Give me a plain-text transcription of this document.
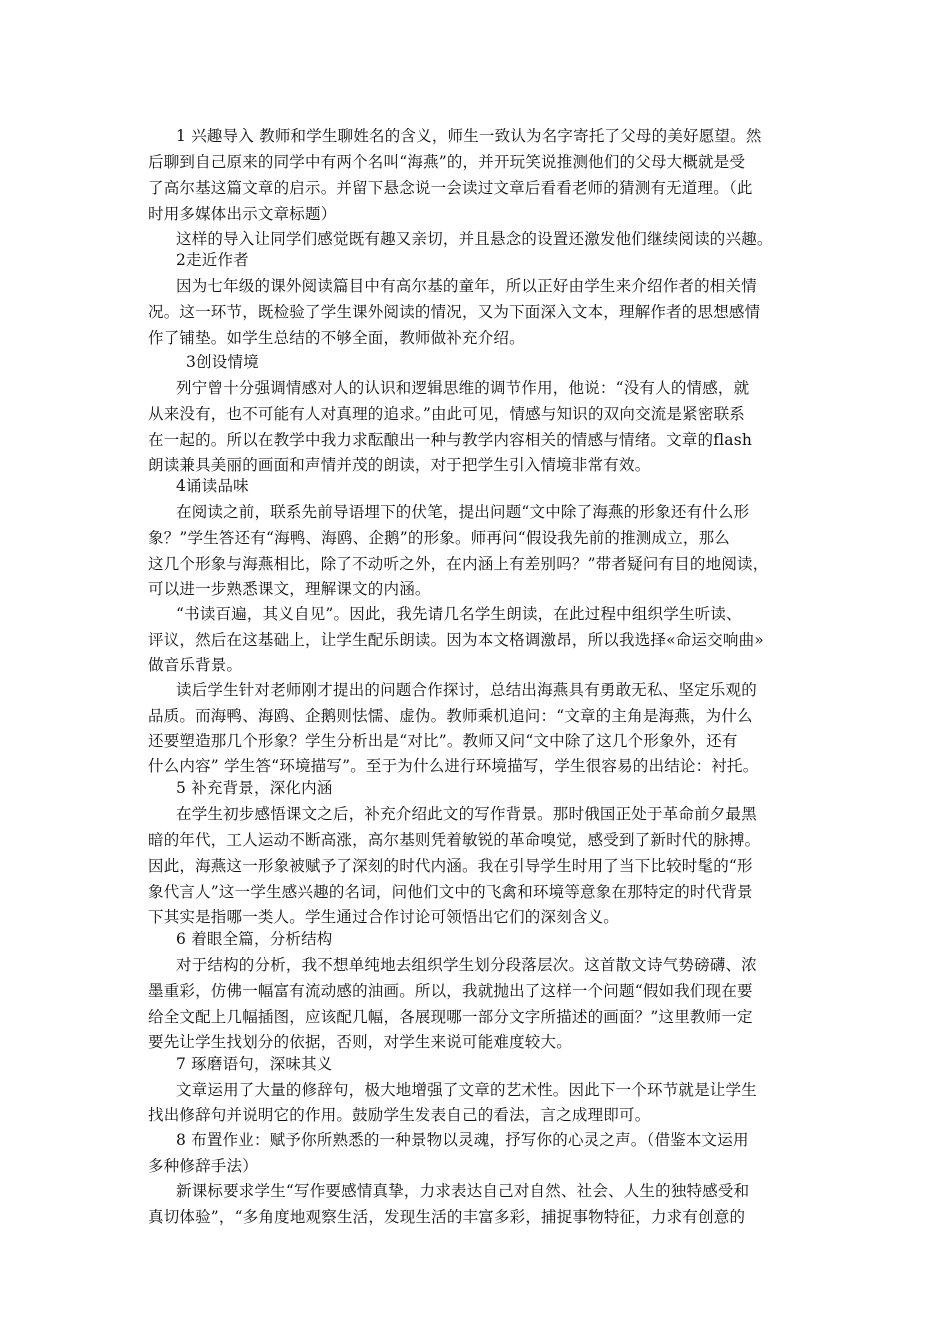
1 兴趣导入 教师和学生聊姓名的含义，师生一致认为名字寄托了父母的美好愿望。然
后聊到自己原来的同学中有两个名叫“海燕”的，并开玩笑说推测他们的父母大概就是受
了高尔基这篇文章的启示。并留下悬念说一会读过文章后看看老师的猜测有无道理。（此
时用多媒体出示文章标题）
这样的导入让同学们感觉既有趣又亲切，并且悬念的设置还激发他们继续阅读的兴趣。
2走近作者
因为七年级的课外阅读篇目中有高尔基的童年，所以正好由学生来介绍作者的相关情
况。这一环节，既检验了学生课外阅读的情况，又为下面深入文本，理解作者的思想感情
作了铺垫。如学生总结的不够全面，教师做补充介绍。
3创设情境
列宁曾十分强调情感对人的认识和逻辑思维的调节作用，他说：“没有人的情感，就
从来没有，也不可能有人对真理的追求。”由此可见，情感与知识的双向交流是紧密联系
在一起的。所以在教学中我力求酝酿出一种与教学内容相关的情感与情绪。文章的flash
朗读兼具美丽的画面和声情并茂的朗读，对于把学生引入情境非常有效。
4诵读品味
在阅读之前，联系先前导语埋下的伏笔，提出问题“文中除了海燕的形象还有什么形
象？”学生答还有“海鸭、海鸥、企鹅”的形象。师再问“假设我先前的推测成立，那么
这几个形象与海燕相比，除了不动听之外，在内涵上有差别吗？”带者疑问有目的地阅读，
可以进一步熟悉课文，理解课文的内涵。
“书读百遍，其义自见”。因此，我先请几名学生朗读，在此过程中组织学生听读、
评议，然后在这基础上，让学生配乐朗读。因为本文格调激昂，所以我选择«命运交响曲»
做音乐背景。
读后学生针对老师刚才提出的问题合作探讨，总结出海燕具有勇敢无私、坚定乐观的
品质。而海鸭、海鸥、企鹅则怯懦、虚伪。教师乘机追问：“文章的主角是海燕，为什么
还要塑造那几个形象？学生分析出是“对比”。教师又问“文中除了这几个形象外，还有
什么内容” 学生答“环境描写”。至于为什么进行环境描写，学生很容易的出结论：衬托。
5 补充背景，深化内涵
在学生初步感悟课文之后，补充介绍此文的写作背景。那时俄国正处于革命前夕最黑
暗的年代，工人运动不断高涨，高尔基则凭着敏锐的革命嗅觉，感受到了新时代的脉搏。
因此，海燕这一形象被赋予了深刻的时代内涵。我在引导学生时用了当下比较时髦的“形
象代言人”这一学生感兴趣的名词，问他们文中的飞禽和环境等意象在那特定的时代背景
下其实是指哪一类人。学生通过合作讨论可领悟出它们的深刻含义。
6 着眼全篇，分析结构
对于结构的分析，我不想单纯地去组织学生划分段落层次。这首散文诗气势磅礴、浓
墨重彩，仿佛一幅富有流动感的油画。所以，我就抛出了这样一个问题“假如我们现在要
给全文配上几幅插图，应该配几幅，各展现哪一部分文字所描述的画面？”这里教师一定
要先让学生找划分的依据，否则，对学生来说可能难度较大。
7 琢磨语句，深味其义
文章运用了大量的修辞句，极大地增强了文章的艺术性。因此下一个环节就是让学生
找出修辞句并说明它的作用。鼓励学生发表自己的看法，言之成理即可。
8 布置作业：赋予你所熟悉的一种景物以灵魂，抒写你的心灵之声。（借鉴本文运用
多种修辞手法）
新课标要求学生“写作要感情真挚，力求表达自己对自然、社会、人生的独特感受和
真切体验”，“多角度地观察生活，发现生活的丰富多彩，捕捉事物特征，力求有创意的
